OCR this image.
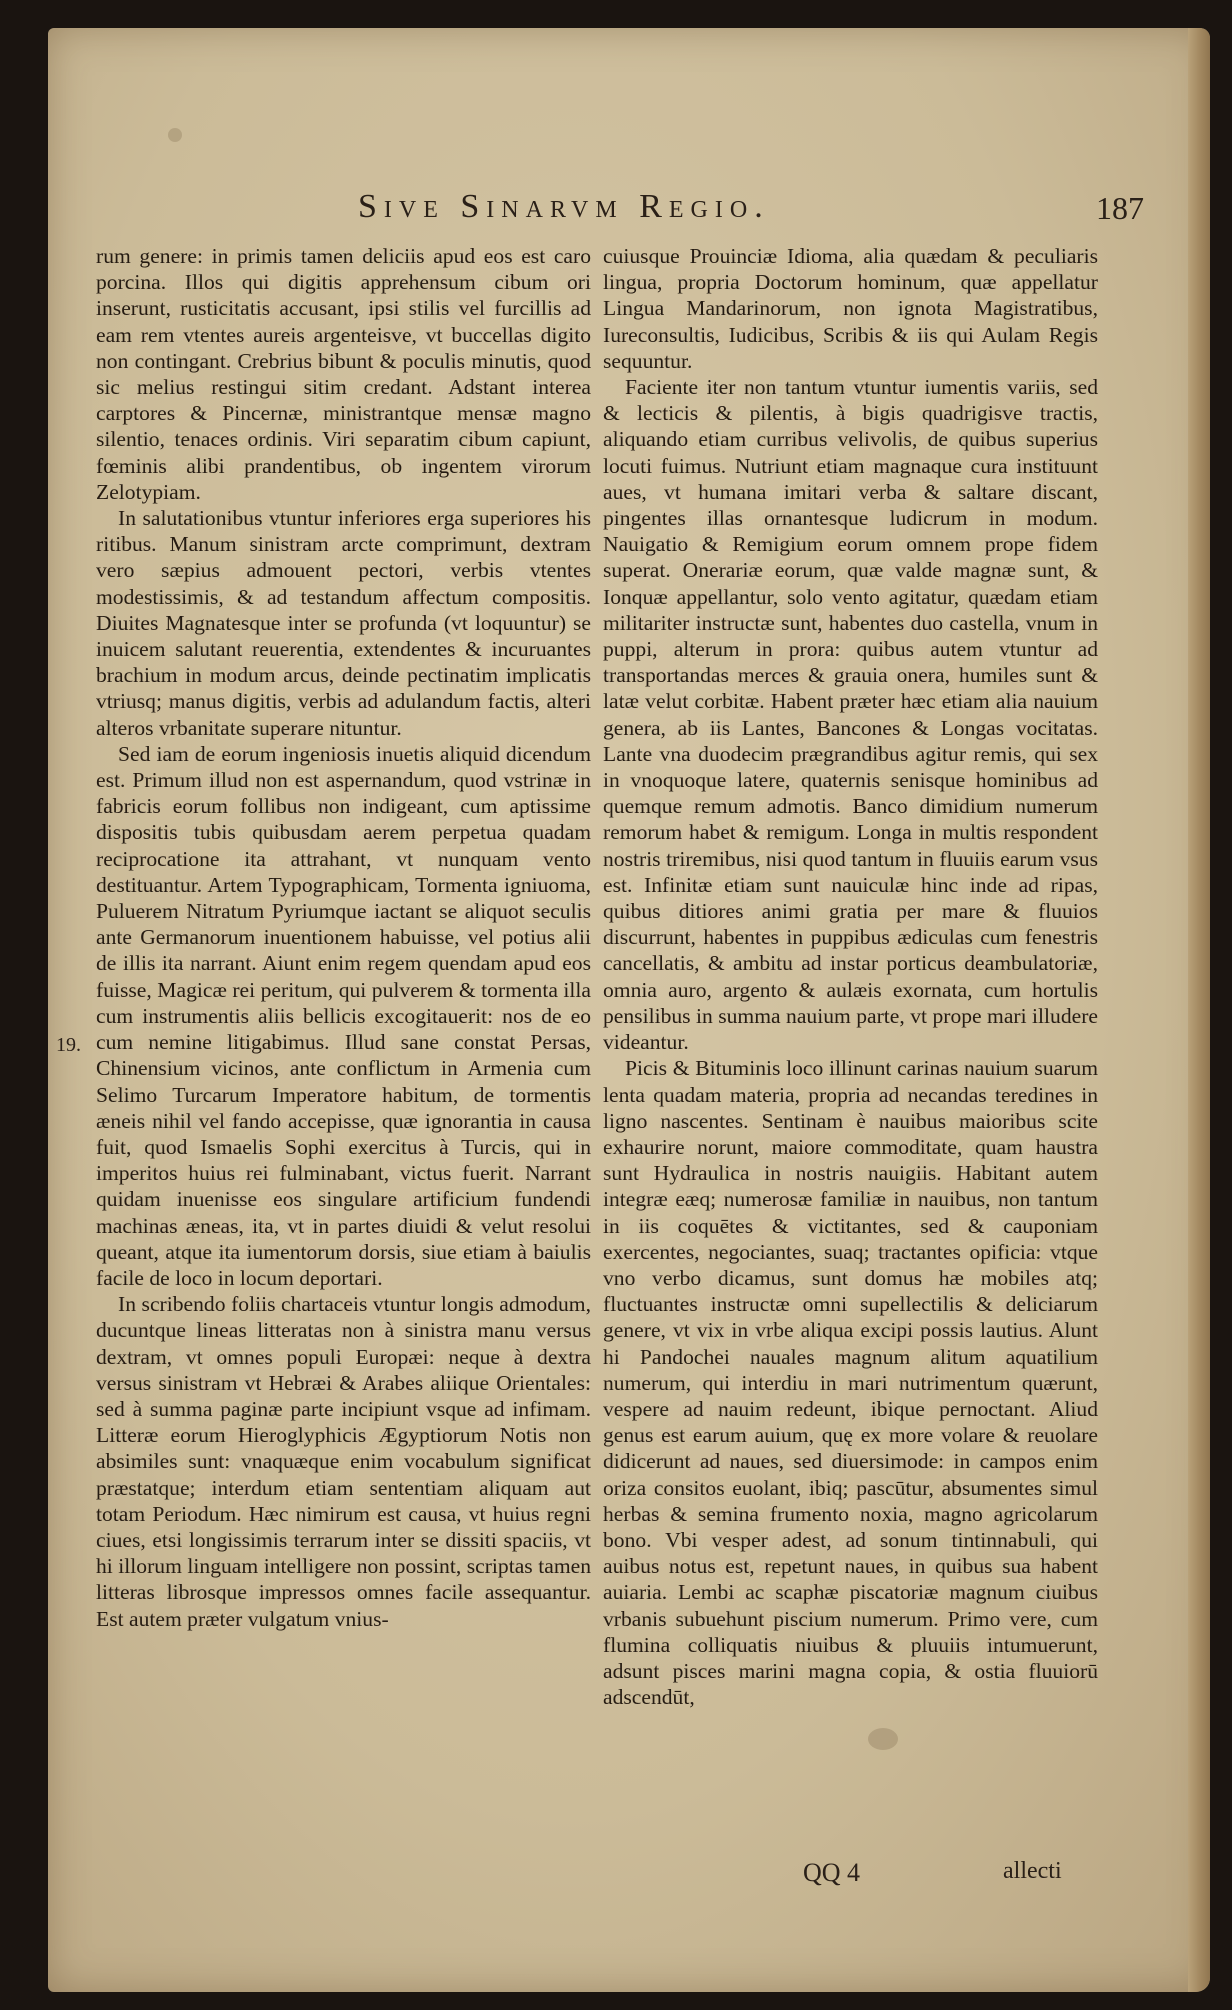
Sive Sinarvm Regio.	187
19.

rum genere: in primis tamen deliciis apud eos est caro porcina. Illos qui digitis apprehensum cibum ori inserunt, rusticitatis accusant, ipsi stilis vel furcillis ad eam rem vtentes aureis argenteisve, vt buccellas digito non contingant. Crebrius bibunt & poculis minutis, quod sic melius restingui sitim credant. Adstant interea carptores & Pincernæ, ministrantque mensæ magno silentio, tenaces ordinis. Viri separatim cibum capiunt, fœminis alibi prandentibus, ob ingentem virorum Zelotypiam.

In salutationibus vtuntur inferiores erga superiores his ritibus. Manum sinistram arcte comprimunt, dextram vero sæpius admouent pectori, verbis vtentes modestissimis, & ad testandum affectum compositis. Diuites Magnatesque inter se profunda (vt loquuntur) se inuicem salutant reuerentia, extendentes & incuruantes brachium in modum arcus, deinde pectinatim implicatis vtriusq; manus digitis, verbis ad adulandum factis, alteri alteros vrbanitate superare nituntur.

Sed iam de eorum ingeniosis inuetis aliquid dicendum est. Primum illud non est aspernandum, quod vstrinæ in fabricis eorum follibus non indigeant, cum aptissime dispositis tubis quibusdam aerem perpetua quadam reciprocatione ita attrahant, vt nunquam vento destituantur. Artem Typographicam, Tormenta igniuoma, Puluerem Nitratum Pyriumque iactant se aliquot seculis ante Germanorum inuentionem habuisse, vel potius alii de illis ita narrant. Aiunt enim regem quendam apud eos fuisse, Magicæ rei peritum, qui pulverem & tormenta illa cum instrumentis aliis bellicis excogitauerit: nos de eo cum nemine litigabimus. Illud sane constat Persas, Chinensium vicinos, ante conflictum in Armenia cum Selimo Turcarum Imperatore habitum, de tormentis æneis nihil vel fando accepisse, quæ ignorantia in causa fuit, quod Ismaelis Sophi exercitus à Turcis, qui in imperitos huius rei fulminabant, victus fuerit. Narrant quidam inuenisse eos singulare artificium fundendi machinas æneas, ita, vt in partes diuidi & velut resolui queant, atque ita iumentorum dorsis, siue etiam à baiulis facile de loco in locum deportari.

In scribendo foliis chartaceis vtuntur longis admodum, ducuntque lineas litteratas non à sinistra manu versus dextram, vt omnes populi Europæi: neque à dextra versus sinistram vt Hebræi & Arabes aliique Orientales: sed à summa paginæ parte incipiunt vsque ad infimam. Litteræ eorum Hieroglyphicis Ægyptiorum Notis non absimiles sunt: vnaquæque enim vocabulum significat præstatque; interdum etiam sententiam aliquam aut totam Periodum. Hæc nimirum est causa, vt huius regni ciues, etsi longissimis terrarum inter se dissiti spaciis, vt hi illorum linguam intelligere non possint, scriptas tamen litteras librosque impressos omnes facile assequantur. Est autem præter vulgatum vnius-

cuiusque Prouinciæ Idioma, alia quædam & peculiaris lingua, propria Doctorum hominum, quæ appellatur Lingua Mandarinorum, non ignota Magistratibus, Iureconsultis, Iudicibus, Scribis & iis qui Aulam Regis sequuntur.

Faciente iter non tantum vtuntur iumentis variis, sed & lecticis & pilentis, à bigis quadrigisve tractis, aliquando etiam curribus velivolis, de quibus superius locuti fuimus. Nutriunt etiam magnaque cura instituunt aues, vt humana imitari verba & saltare discant, pingentes illas ornantesque ludicrum in modum. Nauigatio & Remigium eorum omnem prope fidem superat. Onerariæ eorum, quæ valde magnæ sunt, & Ionquæ appellantur, solo vento agitatur, quædam etiam militariter instructæ sunt, habentes duo castella, vnum in puppi, alterum in prora: quibus autem vtuntur ad transportandas merces & grauia onera, humiles sunt & latæ velut corbitæ. Habent præter hæc etiam alia nauium genera, ab iis Lantes, Bancones & Longas vocitatas. Lante vna duodecim prægrandibus agitur remis, qui sex in vnoquoque latere, quaternis senisque hominibus ad quemque remum admotis. Banco dimidium numerum remorum habet & remigum. Longa in multis respondent nostris triremibus, nisi quod tantum in fluuiis earum vsus est. Infinitæ etiam sunt nauiculæ hinc inde ad ripas, quibus ditiores animi gratia per mare & fluuios discurrunt, habentes in puppibus ædiculas cum fenestris cancellatis, & ambitu ad instar porticus deambulatoriæ, omnia auro, argento & aulæis exornata, cum hortulis pensilibus in summa nauium parte, vt prope mari illudere videantur.

Picis & Bituminis loco illinunt carinas nauium suarum lenta quadam materia, propria ad necandas teredines in ligno nascentes. Sentinam è nauibus maioribus scite exhaurire norunt, maiore commoditate, quam haustra sunt Hydraulica in nostris nauigiis. Habitant autem integræ eæq; numerosæ familiæ in nauibus, non tantum in iis coquētes & victitantes, sed & cauponiam exercentes, negociantes, suaq; tractantes opificia: vtque vno verbo dicamus, sunt domus hæ mobiles atq; fluctuantes instructæ omni supellectilis & deliciarum genere, vt vix in vrbe aliqua excipi possis lautius. Alunt hi Pandochei nauales magnum alitum aquatilium numerum, qui interdiu in mari nutrimentum quærunt, vespere ad nauim redeunt, ibique pernoctant. Aliud genus est earum auium, quę ex more volare & reuolare didicerunt ad naues, sed diuersimode: in campos enim oriza consitos euolant, ibiq; pascūtur, absumentes simul herbas & semina frumento noxia, magno agricolarum bono. Vbi vesper adest, ad sonum tintinnabuli, qui auibus notus est, repetunt naues, in quibus sua habent auiaria. Lembi ac scaphæ piscatoriæ magnum ciuibus vrbanis subuehunt piscium numerum. Primo vere, cum flumina colliquatis niuibus & pluuiis intumuerunt, adsunt pisces marini magna copia, & ostia fluuiorū adscendūt,

QQ 4	allecti
